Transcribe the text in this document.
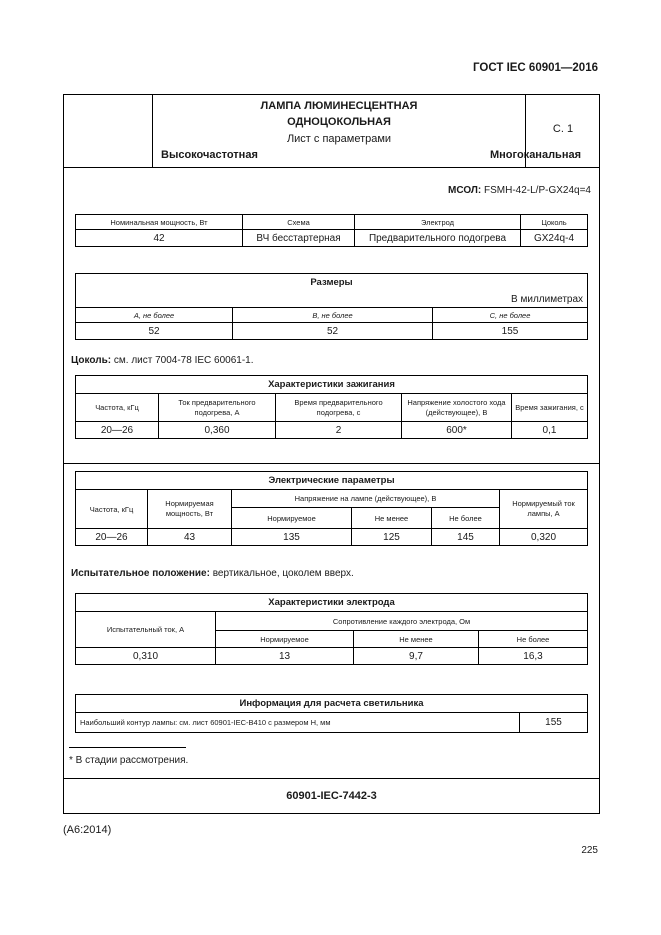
ГОСТ IEC 60901—2016
ЛАМПА ЛЮМИНЕСЦЕНТНАЯ
ОДНОЦОКОЛЬНАЯ
Лист с параметрами
Высокочастотная	Многоканальная
С. 1
МСОЛ: FSMH-42-L/P-GX24q=4
Номинальная мощность, Вт	Схема	Электрод	Цоколь
42	ВЧ бесстартерная	Предварительного подогрева	GX24q-4
Размеры		
В миллиметрах		
A, не более	B, не более	C, не более
52	52	155
Цоколь: см. лист 7004-78 IEC 60061-1.
Характеристики зажигания				
Частота, кГц	Ток предварительного подогрева, А	Время предварительного подогрева, с	Напряжение холостого хода (действующее), В	Время зажигания, с
20—26	0,360	2	600*	0,1
Электрические параметры					
Частота, кГц	Нормируемая мощность, Вт	Напряжение на лампе (действующее), В			Нормируемый ток лампы, А
		Нормируемое	Не менее	Не более	
20—26	43	135	125	145	0,320
Испытательное положение: вертикальное, цоколем вверх.
Характеристики электрода			
Испытательный ток, А	Сопротивление каждого электрода, Ом		
	Нормируемое	Не менее	Не более
0,310	13	9,7	16,3
Информация для расчета светильника
Наибольший контур лампы: см. лист 60901-IEC-B410 с размером H, мм	155
* В стадии рассмотрения.
60901-IEC-7442-3
(A6:2014)
225
